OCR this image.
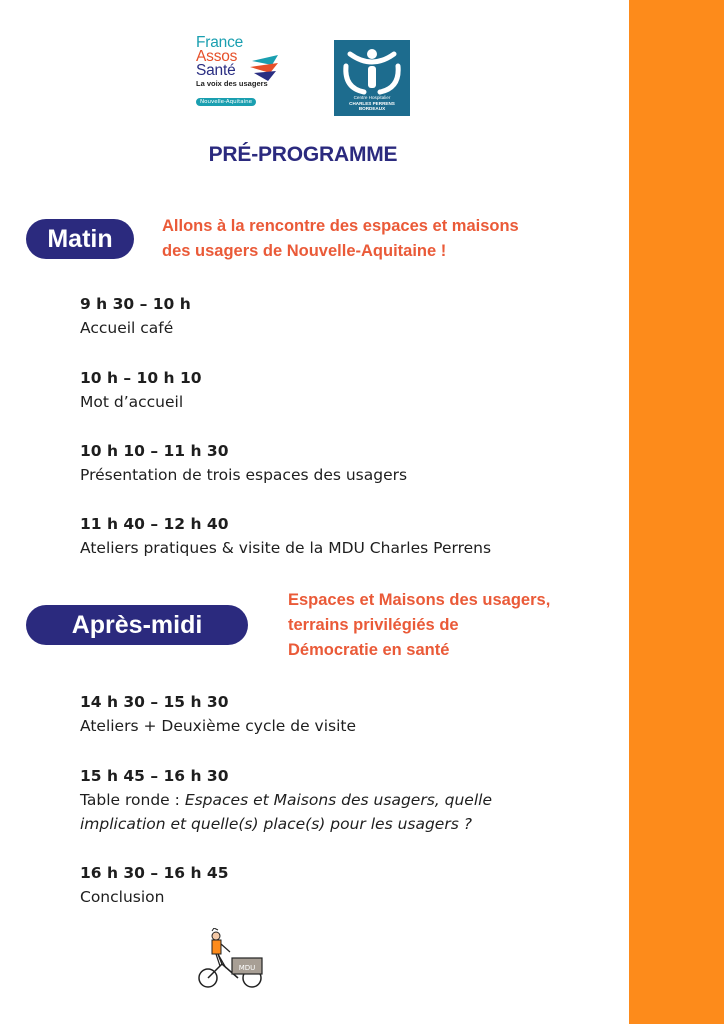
France
Assos
Santé
La voix des usagers
Nouvelle-Aquitaine
Centre Hospitalier
CHARLES PERRENS
BORDEAUX
PRÉ-PROGRAMME
Matin	Allons à la rencontre des espaces et maisons
des usagers de Nouvelle-Aquitaine !
9 h 30 – 10 h
Accueil café
10 h – 10 h 10
Mot d’accueil
10 h 10 – 11 h 30
Présentation de trois espaces des usagers
11 h 40 – 12 h 40
Ateliers pratiques & visite de la MDU Charles Perrens
Après-midi
Espaces et Maisons des usagers,
terrains privilégiés de
Démocratie en santé
14 h 30 – 15 h 30
Ateliers + Deuxième cycle de visite
15 h 45 – 16 h 30
Table ronde : Espaces et Maisons des usagers, quelle
implication et quelle(s) place(s) pour les usagers ?
16 h 30 – 16 h 45
Conclusion
MDU
